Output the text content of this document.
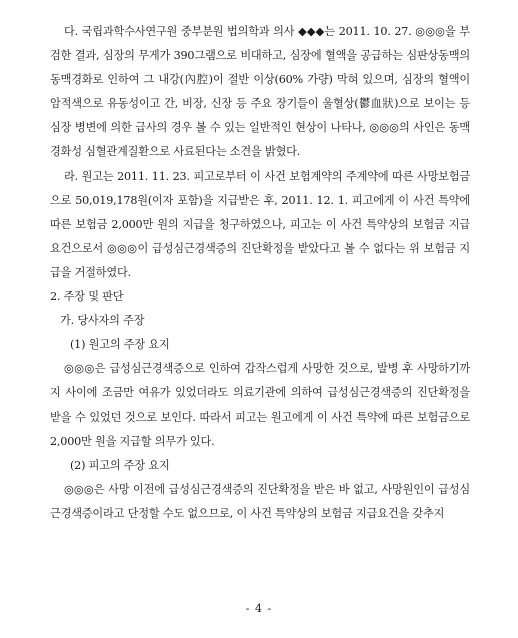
다. 국립과학수사연구원 중부분원 법의학과 의사 ◆◆◆는 2011. 10. 27. ◎◎◎을 부검한 결과, 심장의 무게가 390그램으로 비대하고, 심장에 혈액을 공급하는 심판상동맥의 동맥경화로 인하여 그 내강(內腔)이 절반 이상(60% 가량) 막혀 있으며, 심장의 혈액이 암적색으로 유동성이고 간, 비장, 신장 등 주요 장기들이 울혈상(鬱血狀)으로 보이는 등 심장 병변에 의한 급사의 경우 볼 수 있는 일반적인 현상이 나타나, ◎◎◎의 사인은 동맥경화성 심혈관계질환으로 사료된다는 소견을 밝혔다.

라. 원고는 2011. 11. 23. 피고로부터 이 사건 보험계약의 주계약에 따른 사망보험금으로 50,019,178원(이자 포함)을 지급받은 후, 2011. 12. 1. 피고에게 이 사건 특약에 따른 보험금 2,000만 원의 지급을 청구하였으나, 피고는 이 사건 특약상의 보험금 지급요건으로서 ◎◎◎이 급성심근경색증의 진단확정을 받았다고 볼 수 없다는 위 보험금 지급을 거절하였다.

2. 주장 및 판단

가. 당사자의 주장

(1) 원고의 주장 요지

◎◎◎은 급성심근경색증으로 인하여 갑작스럽게 사망한 것으로, 발병 후 사망하기까지 사이에 조금만 여유가 있었더라도 의료기관에 의하여 급성심근경색증의 진단확정을 받을 수 있었던 것으로 보인다. 따라서 피고는 원고에게 이 사건 특약에 따른 보험금으로 2,000만 원을 지급할 의무가 있다.

(2) 피고의 주장 요지

◎◎◎은 사망 이전에 급성심근경색증의 진단확정을 받은 바 없고, 사망원인이 급성심근경색증이라고 단정할 수도 없으므로, 이 사건 특약상의 보험금 지급요건을 갖추지

- 4 -
